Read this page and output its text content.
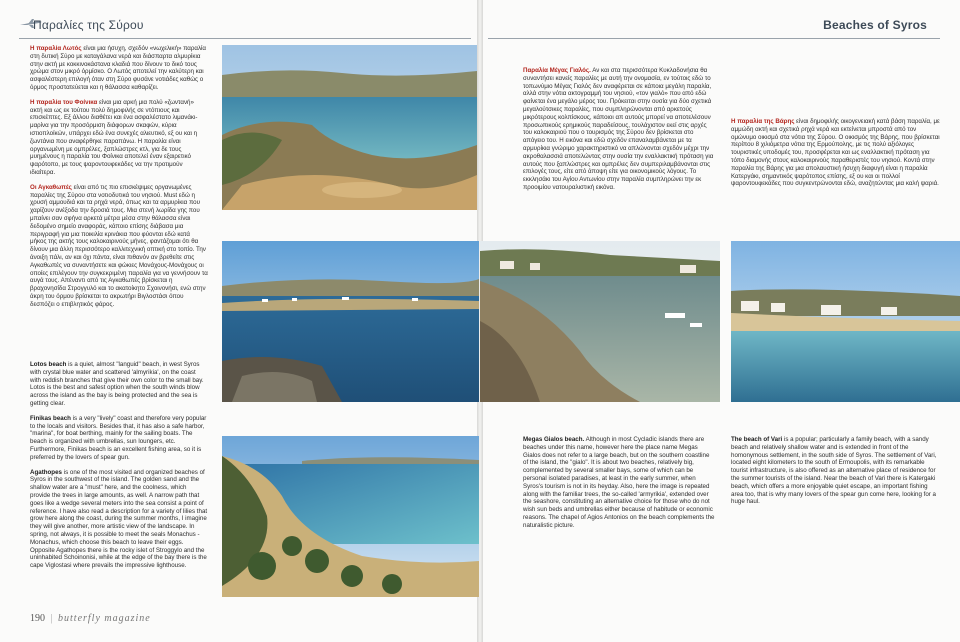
Παραλίες της Σύρου	Beaches of Syros

Η παραλία Λωτός είναι μια ήσυχη, σχεδόν «νωχελική» παραλία στη δυτική Σύρο με καταγάλανα νερά και διάσπαρτα αλμυρίκια στην ακτή με κοκκινοκάστανα κλαδιά που δίνουν το δικό τους χρώμα στον μικρό όρμίσκο. Ο Λωτός αποτελεί την καλύτερη και ασφαλέστερη επιλογή όταν στη Σύρο φυσάνε νοτιάδες καθώς ο όρμος προστατεύεται και η θάλασσα καθαρίζει.

Η παραλία του Φοίνικα είναι μια αρκή μια πολύ «ζωντανή» ακτή και ως εκ τούτου πολύ δημοφιλής σε ντόπιους και επισκέπτες. Εξ άλλου διαθέτει και ένα ασφαλέστατο λιμανάκι-μαρίνα για την προσόρμιση διάφορων σκαφών, κύρια ιστιοπλοϊκών, υπάρχει εδώ ένα συνεχές αλιευτικό, εξ ου και η ζωντάνια που αναφέρθηκε παραπάνω. Η παραλία είναι οργανωμένη με ομπρέλες, ξαπλώστρες κτλ, για δε τους μυημένους η παραλία του Φοίνικα αποτελεί έναν εξαιρετικό ψαρότοπο, με τους ψαροντουφεκάδες να την προτιμούν ιδιαίτερα.

Οι Αγκαθωπές είναι από τις πιο επισκέψιμες οργανωμένες παραλίες της Σύρου στα νοτιοδυτικά του νησιού. Must εδώ η χρυσή αμμουδιά και τα ρηχά νερά, όπως και τα αρμυρίκια που χαρίζουν ανέξοδα την δροσιά τους. Μια στενή λωρίδα γης που μπαίνει σαν σφήνα αρκετά μέτρα μέσα στην θάλασσα είναι δεδομένο σημείο αναφοράς, κάποιο επίσης διάβασα μια περιγραφή για μια ποικιλία κρινάκια που φύονται εδώ κατά μήκος της ακτής τους καλοκαιρινούς μήνες, φαντάζομαι ότι θα δίνουν μια άλλη περισσότερο καλλιτεχνική οπτική στο τοπίο. Την άνοιξη πάλι, αν και όχι πάντα, είναι πιθανόν αν βρεθείτε στις Αγκαθωπές να συναντήσετε και φώκιες Μονάχους-Μονάχους οι οποίες επιλέγουν την συγκεκριμένη παραλία για να γεννήσουν τα αυγά τους. Απέναντι από τις Αγκαθωπές βρίσκεται η βραχονησίδα Στρογγυλό και το ακατοίκητο Σχοινονήσι, ενώ στην άκρη του όρμου βρίσκεται το ακρωτήρι Βιγλοστάσι όπου δεσπόζει ο επιβλητικός φάρος.

Lotos beach is a quiet, almost "languid" beach, in west Syros with crystal blue water and scattered 'almyrikia', on the coast with reddish branches that give their own color to the small bay. Lotos is the best and safest option when the south winds blow across the island as the bay is being protected and the sea is getting clear.

Finikas beach is a very "lively" coast and therefore very popular to the locals and visitors. Besides that, it has also a safe harbor, "marina", for boat berthing, mainly for the sailing boats. The beach is organized with umbrellas, sun loungers, etc. Furthermore, Finikas beach is an excellent fishing area, so it is preferred by the lovers of spear gun.

Agathopes is one of the most visited and organized beaches of Syros in the southwest of the island. The golden sand and the shallow water are a "must" here, and the coolness, which provide the trees in large amounts, as well. A narrow path that goes like a wedge several meters into the sea consist a point of reference. I have also read a description for a variety of lilies that grow here along the coast, during the summer months, I imagine they will give another, more artistic view of the landscape. In spring, not always, it is possible to meet the seals Monachus - Monachus, which choose this beach to leave their eggs. Opposite Agathopes there is the rocky islet of Stroggylo and the uninhabited Schoinonisi, while at the edge of the bay there is the cape Viglostasi where prevails the impressive lighthouse.

Παραλία Μέγας Γιαλός. Αν και στα περισσότερα Κυκλαδονήσια θα συναντήσει κανείς παραλίες με αυτή την ονομασία, εν τούτοις εδώ το τοπωνύμιο Μέγας Γιαλός δεν αναφέρεται σε κάποια μεγάλη παραλία, αλλά στην νότια ακτογραμμή του νησιού, «τον γιαλό» που από εδώ φαίνεται ένα μεγάλο μέρος του. Πρόκειται στην ουσία για δύο σχετικά μεγαλούτσικες παραλίες, που συμπληρώνονται από αρκετούς μικρότερους κολπίσκους, κάποιοι απ αυτούς μπορεί να αποτελέσουν προσωπικούς ερημικούς παραδείσους, τουλάχιστον εκεί στις αρχές του καλοκαιριού που ο τουρισμός της Σύρου δεν βρίσκεται στο απόγειο του. Η εικόνα και εδώ σχεδόν επαναλαμβάνεται με τα αρμυρίκια γνώριμο χαρακτηριστικό να απλώνονται σχεδόν μέχρι την ακροθαλασσιά αποτελώντας στην ουσία την εναλλακτική πρόταση για αυτούς που ξαπλώστρες και ομπρέλες δεν συμπεριλαμβάνονται στις επιλογές τους, είτε από άποψη είτε για οικονομικούς λόγους. Το εκκλησάκι του Αγίου Αντωνίου στην παραλία συμπληρώνει την εκ προοιμίου νατουραλιστική εικόνα.

Η παραλία της Βάρης είναι δημοφιλής οικογενειακή κατά βάση παραλία, με αμμώδη ακτή και σχετικά ρηχά νερά και εκτείνεται μπροστά από τον ομώνυμο οικισμό στα νότια της Σύρου. Ο οικισμός της Βάρης, που βρίσκεται περίπου 8 χιλιόμετρα νότια της Ερμούπολης, με τις πολύ αξιόλογες τουριστικές υποδομές του, προσφέρεται και ως εναλλακτική πρόταση για τόπο διαμονής στους καλοκαιρινούς παραθεριστές του νησιού. Κοντά στην παραλία της Βάρης για μια απολαυστική ήσυχη διαφυγή είναι η παραλία Κατεργάκι, σημαντικός ψαρότοπος επίσης, εξ ου και οι πολλοί ψαροντουφεκάδες που συγκεντρώνονται εδώ, αναζητώντας μια καλή ψαριά.

Megas Gialos beach. Although in most Cycladic islands there are beaches under this name, however here the place name Megas Gialos does not refer to a large beach, but on the southern coastline of the island, the "gialo". It is about two beaches, relatively big, complemented by several smaller bays, some of which can be personal isolated paradises, at least in the early summer, when Syros's tourism is not in its heyday. Also, here the image is repeated along with the familiar trees, the so-called 'armyrikia', extended over the seashore, constituting an alternative choice for those who do not wish sun beds and umbrellas either because of habitude or economic reasons. The chapel of Agios Antonios on the beach complements the naturalistic picture.

The beach of Vari is a popular; particularly a family beach, with a sandy beach and relatively shallow water and is extended in front of the homonymous settlement, in the south side of Syros. The settlement of Vari, located eight kilometers to the south of Ermoupolis, with its remarkable tourist infrastructure, is also offered as an alternative place of residence for the summer tourists of the island. Near the beach of Vari there is Katergaki beach, which offers a more enjoyable quiet escape, an important fishing area too, that is why many lovers of the spear gun come here, looking for a huge haul.

190 | butterfly magazine
